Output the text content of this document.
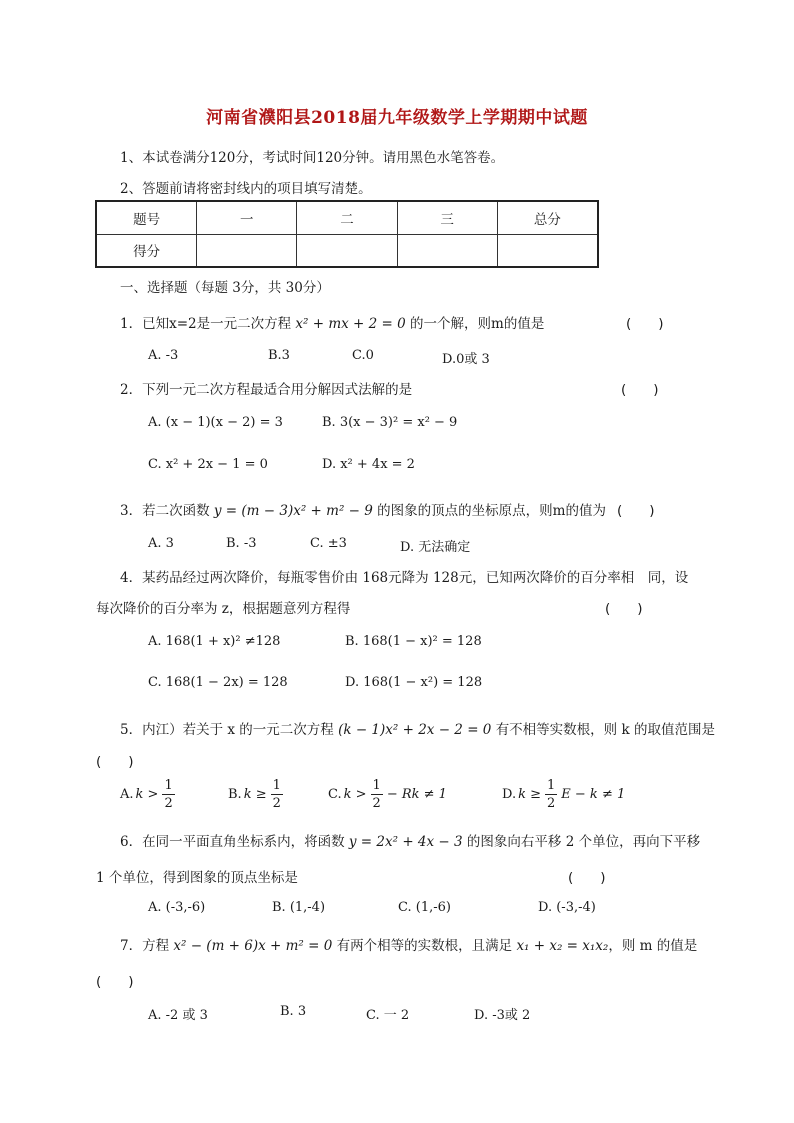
河南省濮阳县2018届九年级数学上学期期中试题
1、本试卷满分120分，考试时间120分钟。请用黑色水笔答卷。
2、答题前请将密封线内的项目填写清楚。
题号	一	二	三	总分
得分				
一、选择题（每题 3分，共 30分）
1．已知x=2是一元二次方程 x² + mx + 2 = 0 的一个解，则m的值是	(　　)
A. -3	B.3	C.0	D.0或 3
2．下列一元二次方程最适合用分解因式法解的是	(　　)
A. (x − 1)(x − 2) = 3	B. 3(x − 3)² = x² − 9
C. x² + 2x − 1 = 0	D. x² + 4x = 2
3．若二次函数 y = (m − 3)x² + m² − 9 的图象的顶点的坐标原点，则m的值为 (　　)
A. 3	B. -3	C. ±3	D. 无法确定
4．某药品经过两次降价，每瓶零售价由 168元降为 128元，已知两次降价的百分率相　同，设
每次降价的百分率为 z，根据题意列方程得	(　　)
A. 168(1 + x)² ≠128	B. 168(1 − x)² = 128
C. 168(1 − 2x) = 128	D. 168(1 − x²) = 128
5．内江）若关于 x 的一元二次方程 (k − 1)x² + 2x − 2 = 0 有不相等实数根，则 k 的取值范围是
(　　)
A. $k > \frac{1}{2}$	B. $k \ge \frac{1}{2}$	C. $k > \frac{1}{2} - Rk \ne 1$	D. $k \ge \frac{1}{2}$ E − k ≠ 1
6．在同一平面直角坐标系内，将函数 y = 2x² + 4x − 3 的图象向右平移 2 个单位，再向下平移
1 个单位，得到图象的顶点坐标是	(　　)
A. (-3,-6)	B. (1,-4)	C. (1,-6)	D. (-3,-4)
7．方程 x² − (m + 6)x + m² = 0 有两个相等的实数根，且满足 x₁ + x₂ = x₁x₂，则 m 的值是
(　　)
A. -2 或 3	B. 3	C. 一 2	D. -3或 2
